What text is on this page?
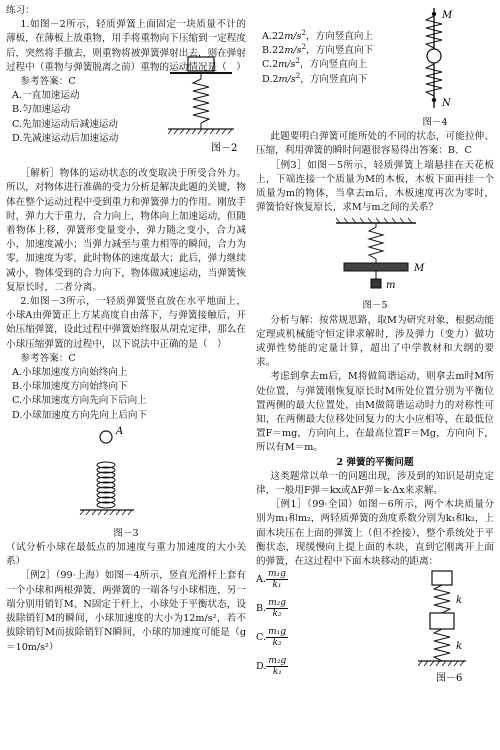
练习：

1.如图－2所示，轻质弹簧上面固定一块质量不计的薄板，在薄板上放重物，用手将重物向下压缩到一定程度后，突然将手撤去，则重物将被弹簧弹射出去，则在弹射过程中（重物与弹簧脱离之前）重物的运动情况是（　）

参考答案：C

A.一直加速运动

B.匀加速运动

C.先加速运动后减速运动

D.先减速运动后加速运动

图－2

［解析］物体的运动状态的改变取决于所受合外力。所以，对物体进行准确的受力分析是解决此题的关键，物体在整个运动过程中受到重力和弹簧弹力的作用。刚放手时，弹力大于重力，合力向上，物体向上加速运动，但随着物体上移，弹簧形变量变小，弹力随之变小，合力减小，加速度减小；当弹力减至与重力相等的瞬间，合力为零，加速度为零，此时物体的速度最大；此后，弹力继续减小，物体受到的合力向下，物体做减速运动，当弹簧恢复原长时，二者分离。

2.如图－3所示，一轻质弹簧竖直放在水平地面上，小球A由弹簧正上方某高度自由落下，与弹簧接触后，开始压缩弹簧，设此过程中弹簧始终服从胡克定律，那么在小球压缩弹簧的过程中，以下说法中正确的是（　）

参考答案：C

A.小球加速度方向始终向上

B.小球加速度方向始终向下

C.小球加速度方向先向下后向上

D.小球加速度方向先向上后向下

A

图－3

（试分析小球在最低点的加速度与重力加速度的大小关系）

［例2］（99·上海）如图－4所示，竖直光滑杆上套有一个小球和两根弹簧，两弹簧的一端各与小球相连，另一端分别用销钉M、N固定于杆上，小球处于平衡状态，设拔除销钉M的瞬间，小球加速度的大小为12m/s²，若不拔除销钉M而拔除销钉N瞬间，小球的加速度可能是（g＝10m/s²）

$A.22m/s^2$，方向竖直向上

$B.22m/s^2$，方向竖直向下

$C.2m/s^2$，方向竖直向上

$D.2m/s^2$，方向竖直向下

M
N

图－4

此题要明白弹簧可能所处的不同的状态，可能拉伸、压缩，利用弹簧的瞬时问题很容易得出答案：B、C

［例3］如图－5所示，轻质弹簧上端悬挂在天花板上，下端连接一个质量为M的木板，木板下面再挂一个质量为m的物体，当拿去m后，木板速度再次为零时，弹簧恰好恢复原长，求M与m之间的关系？

M
m

图－5

分析与解：按常规思路，取M为研究对象，根据动能定理或机械能守恒定律求解时，涉及弹力（变力）做功或弹性势能的定量计算，超出了中学教材和大纲的要求。

考虑到拿去m后，M将做简谐运动，则拿去m时M所处位置，与弹簧刚恢复原长时M所处位置分别为平衡位置两侧的最大位置处，由M做简谐运动时力的对称性可知，在两侧最大位移处回复力的大小应相等，在最低位置F＝mg，方向向上，在最高位置F＝Mg，方向向下，所以有M＝m。

2 弹簧的平衡问题

这类题常以单一的问题出现，涉及到的知识是胡克定律，一般用F弹＝kx或ΔF弹＝k·Δx来求解。

［例1］（99·全国）如图－6所示，两个木块质量分别为m₁和m₂，两轻质弹簧的劲度系数分别为k₁和k₂，上面木块压在上面的弹簧上（但不拴接），整个系统处于平衡状态，现缓慢向上提上面的木块，直到它刚离开上面的弹簧，在这过程中下面木块移动的距离：

A. $\frac{\text{m₁g}}{\text{k₁}}$
B. $\frac{\text{m₂g}}{\text{k₂}}$
C. $\frac{\text{m₁g}}{\text{k₂}}$
D. $\frac{\text{m₂g}}{\text{k₁}}$
k
k
图－6
